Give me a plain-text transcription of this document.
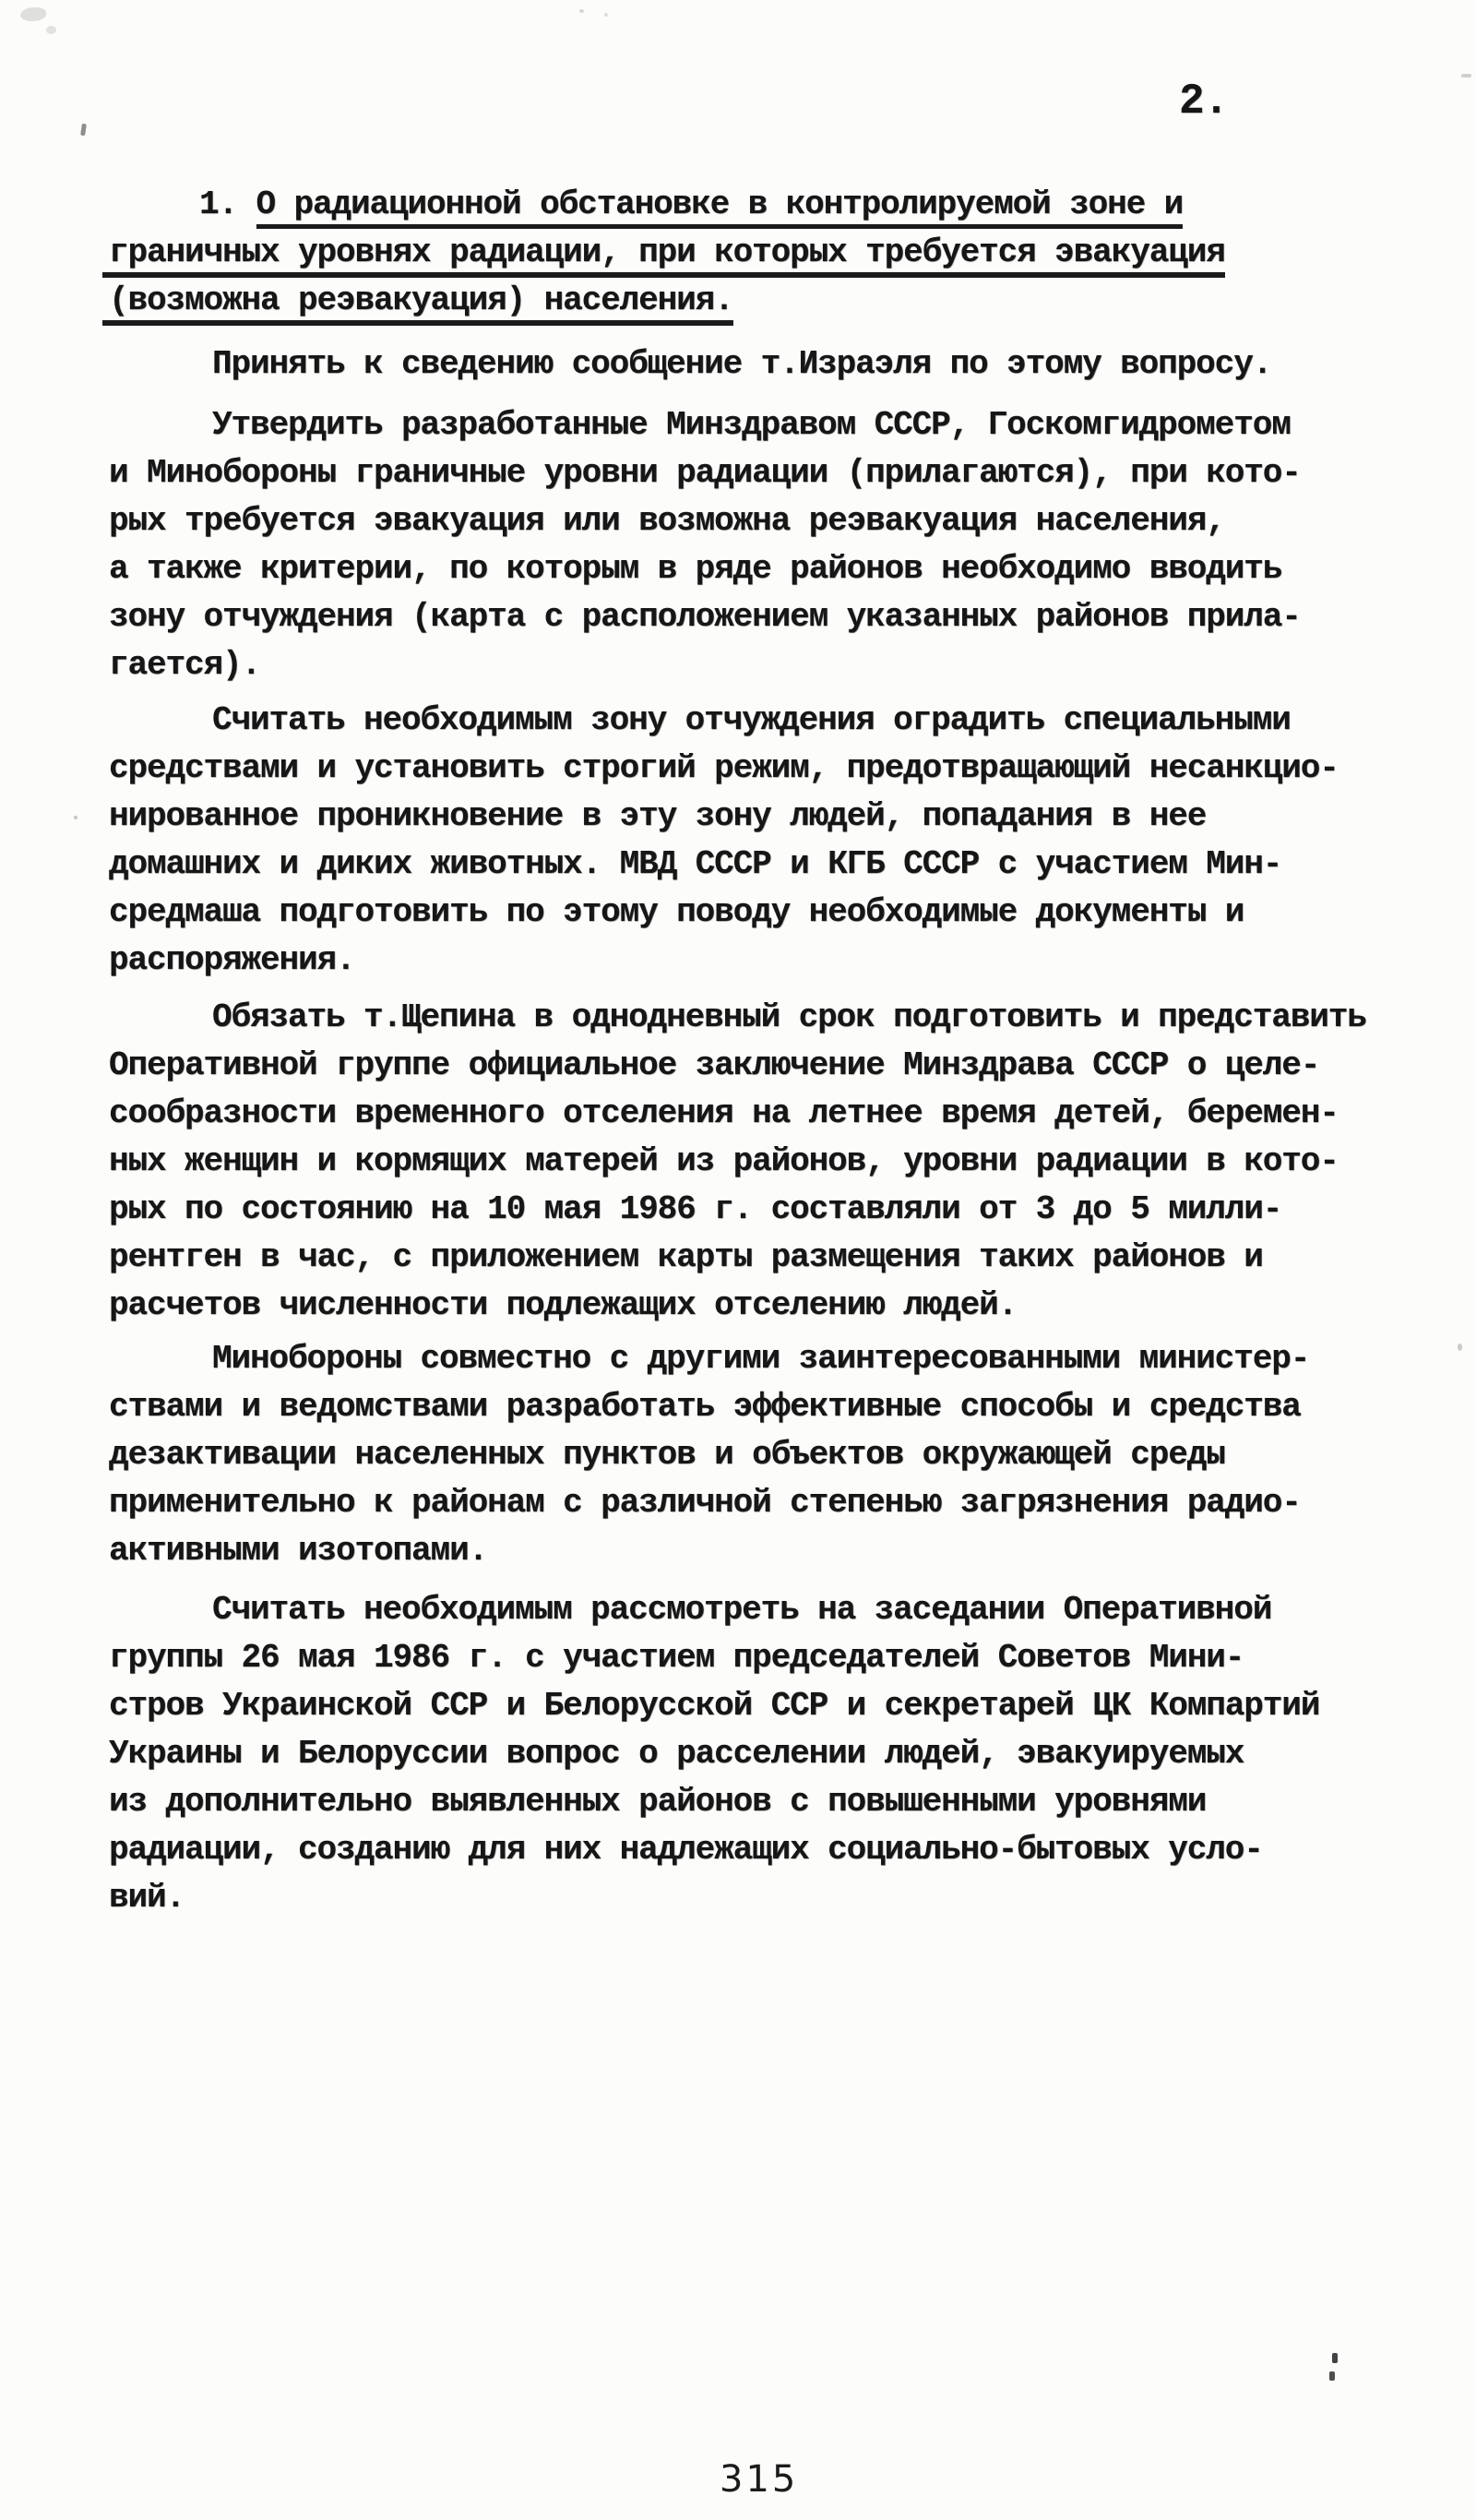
2.
1. О радиационной обстановке в контролируемой зоне и
граничных уровнях радиации, при которых требуется эвакуация
(возможна реэвакуация) населения.
Принять к сведению сообщение т.Израэля по этому вопросу.
Утвердить разработанные Минздравом СССР, Госкомгидрометом
и Минобороны граничные уровни радиации (прилагаются), при кото-
рых требуется эвакуация или возможна реэвакуация населения,
а также критерии, по которым в ряде районов необходимо вводить
зону отчуждения (карта с расположением указанных районов прила-
гается).
Считать необходимым зону отчуждения оградить специальными
средствами и установить строгий режим, предотвращающий несанкцио-
нированное проникновение в эту зону людей, попадания в нее
домашних и диких животных. МВД СССР и КГБ СССР с участием Мин-
средмаша подготовить по этому поводу необходимые документы и
распоряжения.
Обязать т.Щепина в однодневный срок подготовить и представить
Оперативной группе официальное заключение Минздрава СССР о целе-
сообразности временного отселения на летнее время детей, беремен-
ных женщин и кормящих матерей из районов, уровни радиации в кото-
рых по состоянию на 10 мая 1986 г. составляли от 3 до 5 милли-
рентген в час, с приложением карты размещения таких районов и
расчетов численности подлежащих отселению людей.
Минобороны совместно с другими заинтересованными министер-
ствами и ведомствами разработать эффективные способы и средства
дезактивации населенных пунктов и объектов окружающей среды
применительно к районам с различной степенью загрязнения радио-
активными изотопами.
Считать необходимым рассмотреть на заседании Оперативной
группы 26 мая 1986 г. с участием председателей Советов Мини-
стров Украинской ССР и Белорусской ССР и секретарей ЦК Компартий
Украины и Белоруссии вопрос о расселении людей, эвакуируемых
из дополнительно выявленных районов с повышенными уровнями
радиации, созданию для них надлежащих социально-бытовых усло-
вий.
315
